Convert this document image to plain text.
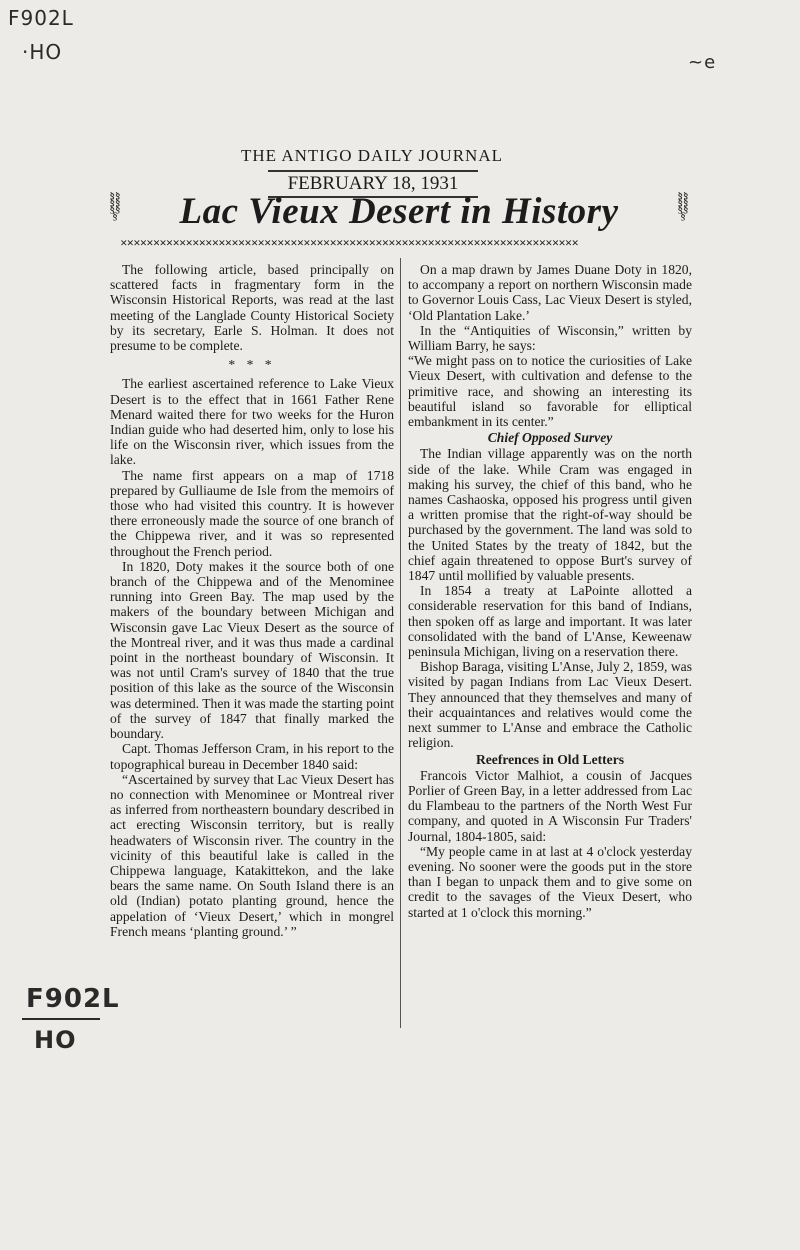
F902L
·HO	~e
F902L
HO
THE ANTIGO DAILY JOURNAL
FEBRUARY 18, 1931
§§§§§§§	Lac Vieux Desert in History	§§§§§§§
✕✕✕✕✕✕✕✕✕✕✕✕✕✕✕✕✕✕✕✕✕✕✕✕✕✕✕✕✕✕✕✕✕✕✕✕✕✕✕✕✕✕✕✕✕✕✕✕✕✕✕✕✕✕✕✕✕✕✕✕✕✕✕✕✕✕✕✕✕✕

The following article, based principally on scattered facts in fragmentary form in the Wisconsin Historical Reports, was read at the last meeting of the Langlade County Historical Society by its secretary, Earle S. Holman. It does not presume to be complete.

* * *

The earliest ascertained reference to Lake Vieux Desert is to the effect that in 1661 Father Rene Menard waited there for two weeks for the Huron Indian guide who had deserted him, only to lose his life on the Wisconsin river, which issues from the lake.

The name first appears on a map of 1718 prepared by Gulliaume de Isle from the memoirs of those who had visited this country. It is however there erroneously made the source of one branch of the Chippewa river, and it was so represented throughout the French period.

In 1820, Doty makes it the source both of one branch of the Chippewa and of the Menominee running into Green Bay. The map used by the makers of the boundary between Michigan and Wisconsin gave Lac Vieux Desert as the source of the Montreal river, and it was thus made a cardinal point in the northeast boundary of Wisconsin. It was not until Cram's survey of 1840 that the true position of this lake as the source of the Wisconsin was determined. Then it was made the starting point of the survey of 1847 that finally marked the boundary.

Capt. Thomas Jefferson Cram, in his report to the topographical bureau in December 1840 said:

“Ascertained by survey that Lac Vieux Desert has no connection with Menominee or Montreal river as inferred from northeastern boundary described in act erecting Wisconsin territory, but is really headwaters of Wisconsin river. The country in the vicinity of this beautiful lake is called in the Chippewa language, Katakittekon, and the lake bears the same name. On South Island there is an old (Indian) potato planting ground, hence the appelation of ‘Vieux Desert,’ which in mongrel French means ‘planting ground.’ ”

On a map drawn by James Duane Doty in 1820, to accompany a report on northern Wisconsin made to Governor Louis Cass, Lac Vieux Desert is styled, ‘Old Plantation Lake.’

In the “Antiquities of Wisconsin,” written by William Barry, he says:

“We might pass on to notice the curiosities of Lake Vieux Desert, with cultivation and defense to the primitive race, and showing an interesting its beautiful island so favorable for elliptical embankment in its center.”

Chief Opposed Survey

The Indian village apparently was on the north side of the lake. While Cram was engaged in making his survey, the chief of this band, who he names Cashaoska, opposed his progress until given a written promise that the right-of-way should be purchased by the government. The land was sold to the United States by the treaty of 1842, but the chief again threatened to oppose Burt's survey of 1847 until mollified by valuable presents.

In 1854 a treaty at LaPointe allotted a considerable reservation for this band of Indians, then spoken off as large and important. It was later consolidated with the band of L'Anse, Keweenaw peninsula Michigan, living on a reservation there.

Bishop Baraga, visiting L'Anse, July 2, 1859, was visited by pagan Indians from Lac Vieux Desert. They announced that they themselves and many of their acquaintances and relatives would come the next summer to L'Anse and embrace the Catholic religion.

Reefrences in Old Letters

Francois Victor Malhiot, a cousin of Jacques Porlier of Green Bay, in a letter addressed from Lac du Flambeau to the partners of the North West Fur company, and quoted in A Wisconsin Fur Traders' Journal, 1804-1805, said:

“My people came in at last at 4 o'clock yesterday evening. No sooner were the goods put in the store than I began to unpack them and to give some on credit to the savages of the Vieux Desert, who started at 1 o'clock this morning.”
